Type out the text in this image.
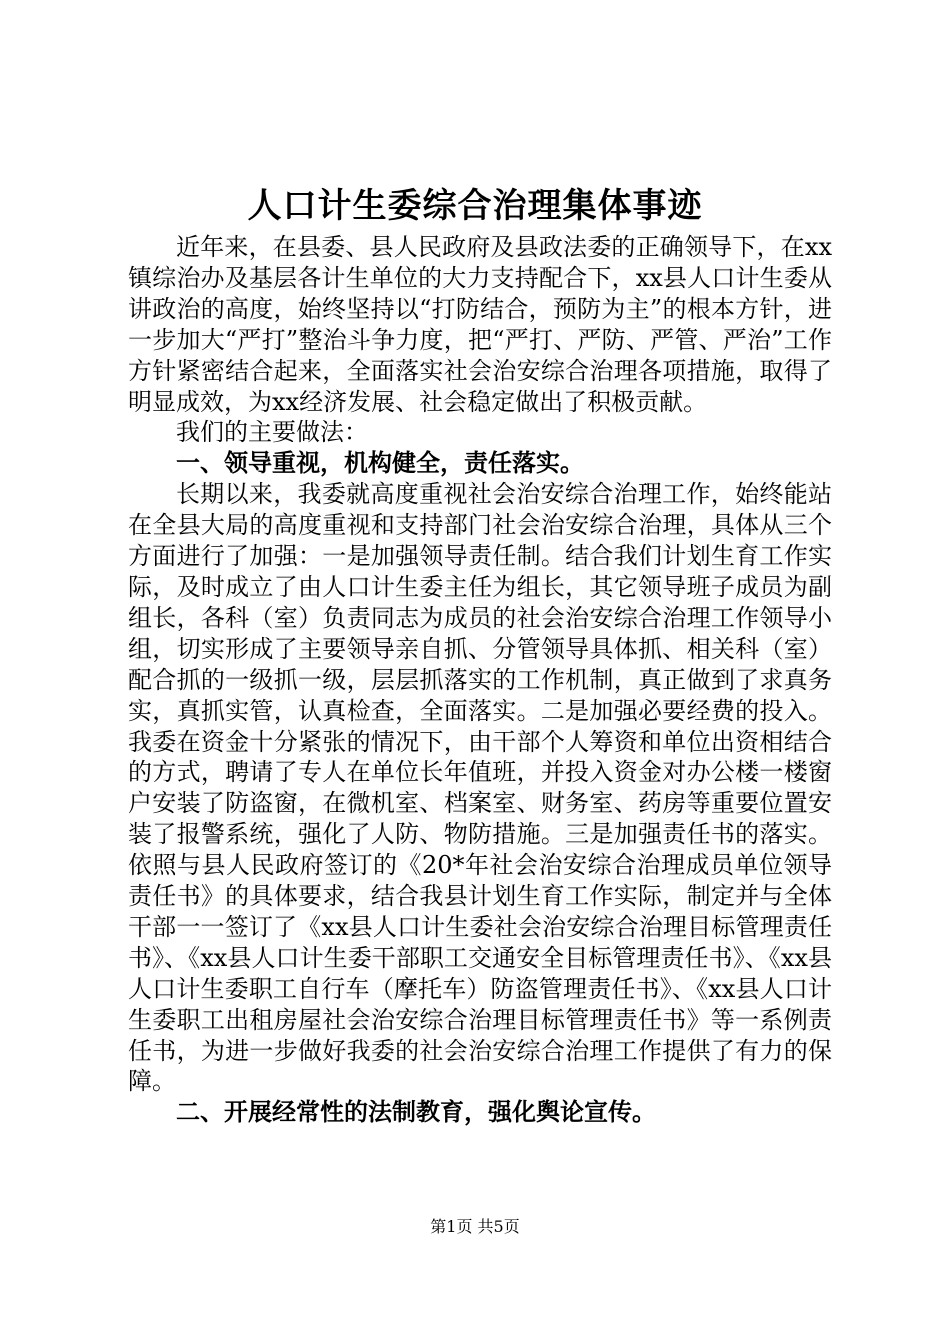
人口计生委综合治理集体事迹

近年来，在县委、县人民政府及县政法委的正确领导下，在xx镇综治办及基层各计生单位的大力支持配合下，xx县人口计生委从讲政治的高度，始终坚持以“打防结合，预防为主”的根本方针，进一步加大“严打”整治斗争力度，把“严打、严防、严管、严治”工作方针紧密结合起来，全面落实社会治安综合治理各项措施，取得了明显成效，为xx经济发展、社会稳定做出了积极贡献。

我们的主要做法：

一、领导重视，机构健全，责任落实。

长期以来，我委就高度重视社会治安综合治理工作，始终能站在全县大局的高度重视和支持部门社会治安综合治理，具体从三个方面进行了加强：一是加强领导责任制。结合我们计划生育工作实际，及时成立了由人口计生委主任为组长，其它领导班子成员为副组长，各科（室）负责同志为成员的社会治安综合治理工作领导小组，切实形成了主要领导亲自抓、分管领导具体抓、相关科（室）配合抓的一级抓一级，层层抓落实的工作机制，真正做到了求真务实，真抓实管，认真检查，全面落实。二是加强必要经费的投入。我委在资金十分紧张的情况下，由干部个人筹资和单位出资相结合的方式，聘请了专人在单位长年值班，并投入资金对办公楼一楼窗户安装了防盗窗，在微机室、档案室、财务室、药房等重要位置安装了报警系统，强化了人防、物防措施。三是加强责任书的落实。依照与县人民政府签订的《20*年社会治安综合治理成员单位领导责任书》的具体要求，结合我县计划生育工作实际，制定并与全体干部一一签订了《xx县人口计生委社会治安综合治理目标管理责任书》、《xx县人口计生委干部职工交通安全目标管理责任书》、《xx县人口计生委职工自行车（摩托车）防盗管理责任书》、《xx县人口计生委职工出租房屋社会治安综合治理目标管理责任书》等一系例责任书，为进一步做好我委的社会治安综合治理工作提供了有力的保障。

二、开展经常性的法制教育，强化舆论宣传。

第1页 共5页
